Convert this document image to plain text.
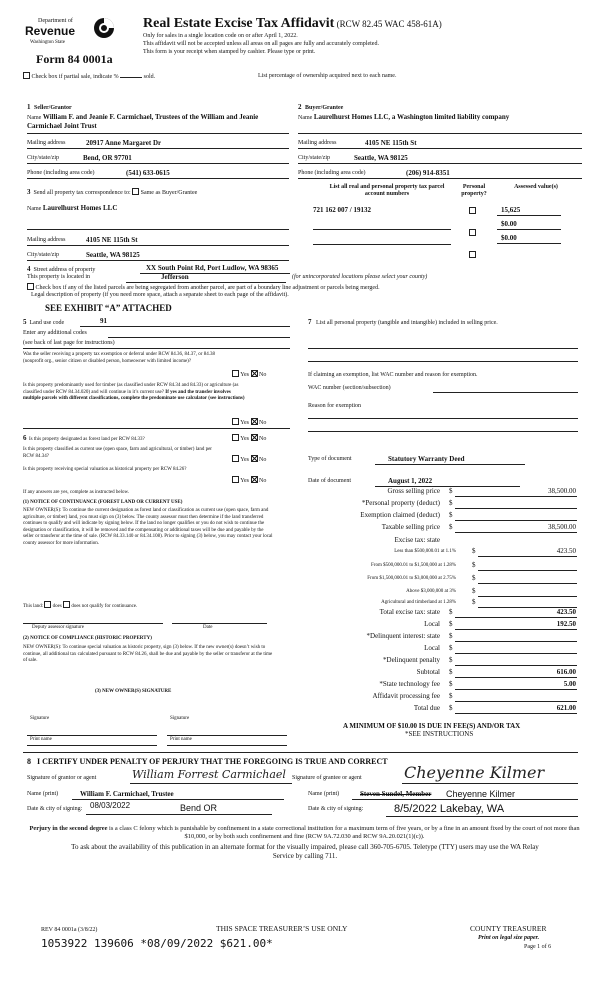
Department of
Revenue
Washington State
Real Estate Excise Tax Affidavit (RCW 82.45 WAC 458-61A)
Only for sales in a single location code on or after April 1, 2022.
This affidavit will not be accepted unless all areas on all pages are fully and accurately completed.
This form is your receipt when stamped by cashier. Please type or print.
Form 84 0001a
Check box if partial sale, indicate %	sold.	List percentage of ownership acquired next to each name.
1 Seller/Grantor
Name William F. and Jeanie F. Carmichael, Trustees of the William and Jeanie Carmichael Joint Trust
Mailing address	20917 Anne Margaret Dr
City/state/zip	Bend, OR 97701
Phone (including area code)	(541) 633-0615
2 Buyer/Grantee
Name Laurelhurst Homes LLC, a Washington limited liability company
Mailing address	4105 NE 115th St
City/state/zip	Seattle, WA 98125
Phone (including area code)	(206) 914-8351
3 Send all property tax correspondence to: Same as Buyer/Grantee
Name Laurelhurst Homes LLC
Mailing address	4105 NE 115th St
City/state/zip	Seattle, WA 98125
List all real and personal property tax parcel account numbers
Personal property?
Assessed value(s)
721 162 007 / 19132	15,625
$0.00
$0.00
4 Street address of property	XX South Point Rd, Port Ludlow, WA 98365
This property is located in	Jefferson	(for unincorporated locations please select your county)
Check box if any of the listed parcels are being segregated from another parcel, are part of a boundary line adjustment or parcels being merged.
Legal description of property (if you need more space, attach a separate sheet to each page of the affidavit).
SEE EXHIBIT “A” ATTACHED
5 Land use code	91
Enter any additional codes
(see back of last page for instructions)
Was the seller receiving a property tax exemption or deferral under RCW 84.36, 84.37, or 84.38 (nonprofit org., senior citizen or disabled person, homeowner with limited income)?
Yes No
Is this property predominantly used for timber (as classified under RCW 84.34 and 84.33) or agriculture (as classified under RCW 84.34.020) and will continue in it’s current use? If yes and the transfer involves multiple parcels with different classifications, complete the predominate use calculator (see instructions)
Yes No
6 Is this property designated as forest land per RCW 84.33?	Yes No
Is this property classified as current use (open space, farm and agricultural, or timber) land per RCW 84.34?
Yes No
Is this property receiving special valuation as historical property per RCW 84.26?
Yes No
If any answers are yes, complete as instructed below.
(1) NOTICE OF CONTINUANCE (FOREST LAND OR CURRENT USE)
NEW OWNER(S): To continue the current designation as forest land or classification as current use (open space, farm and agriculture, or timber) land, you must sign on (3) below. The county assessor must then determine if the land transferred continues to qualify and will indicate by signing below. If the land no longer qualifies or you do not wish to continue the designation or classification, it will be removed and the compensating or additional taxes will be due and payable by the seller or transferor at the time of sale. (RCW 84.33.140 or 84.34.108). Prior to signing (3) below, you may contact your local county assessor for more information.
This land: does does not qualify for continuance.
Deputy assessor signature	Date
(2) NOTICE OF COMPLIANCE (HISTORIC PROPERTY)
NEW OWNER(S): To continue special valuation as historic property, sign (3) below. If the new owner(s) doesn’t wish to continue, all additional tax calculated pursuant to RCW 84.26, shall be due and payable by the seller or transferor at the time of sale.
(3) NEW OWNER(S) SIGNATURE
Signature	Signature
Print name	Print name
7 List all personal property (tangible and intangible) included in selling price.
If claiming an exemption, list WAC number and reason for exemption.
WAC number (section/subsection)
Reason for exemption
Type of document	Statutory Warranty Deed
Date of document	August 1, 2022
Gross selling price $	38,500.00
*Personal property (deduct) $
Exemption claimed (deduct) $
Taxable selling price $	38,500.00
Excise tax: state
Less than $500,000.01 at 1.1% $	423.50
From $500,000.01 to $1,500,000 at 1.28% $
From $1,500,000.01 to $3,000,000 at 2.75% $
Above $3,000,000 at 3% $
Agricultural and timberland at 1.28% $
Total excise tax: state $	423.50
Local $	192.50
*Delinquent interest: state $
Local $
*Delinquent penalty $
Subtotal $	616.00
*State technology fee $	5.00
Affidavit processing fee $
Total due $	621.00
A MINIMUM OF $10.00 IS DUE IN FEE(S) AND/OR TAX
*SEE INSTRUCTIONS
8 I CERTIFY UNDER PENALTY OF PERJURY THAT THE FOREGOING IS TRUE AND CORRECT
Signature of grantor or agent	William Forrest Carmichael Signature of grantee or agent	Cheyenne Kilmer
Name (print)	William F. Carmichael, Trustee	Name (print)	Steven Sundel, Member Cheyenne Kilmer
Date & city of signing: 08/03/2022	Bend OR	Date & city of signing:	8/5/2022 Lakebay, WA
Perjury in the second degree is a class C felony which is punishable by confinement in a state correctional institution for a maximum term of five years, or by a fine in an amount fixed by the court of not more than $10,000, or by both such confinement and fine (RCW 9A.72.030 and RCW 9A.20.021(1)(c)).
To ask about the availability of this publication in an alternate format for the visually impaired, please call 360-705-6705. Teletype (TTY) users may use the WA Relay Service by calling 711.
REV 84 0001a (3/8/22)	THIS SPACE TREASURER’S USE ONLY	COUNTY TREASURER
Print on legal size paper.
Page 1 of 6
1053922 139606 *08/09/2022 $621.00*
